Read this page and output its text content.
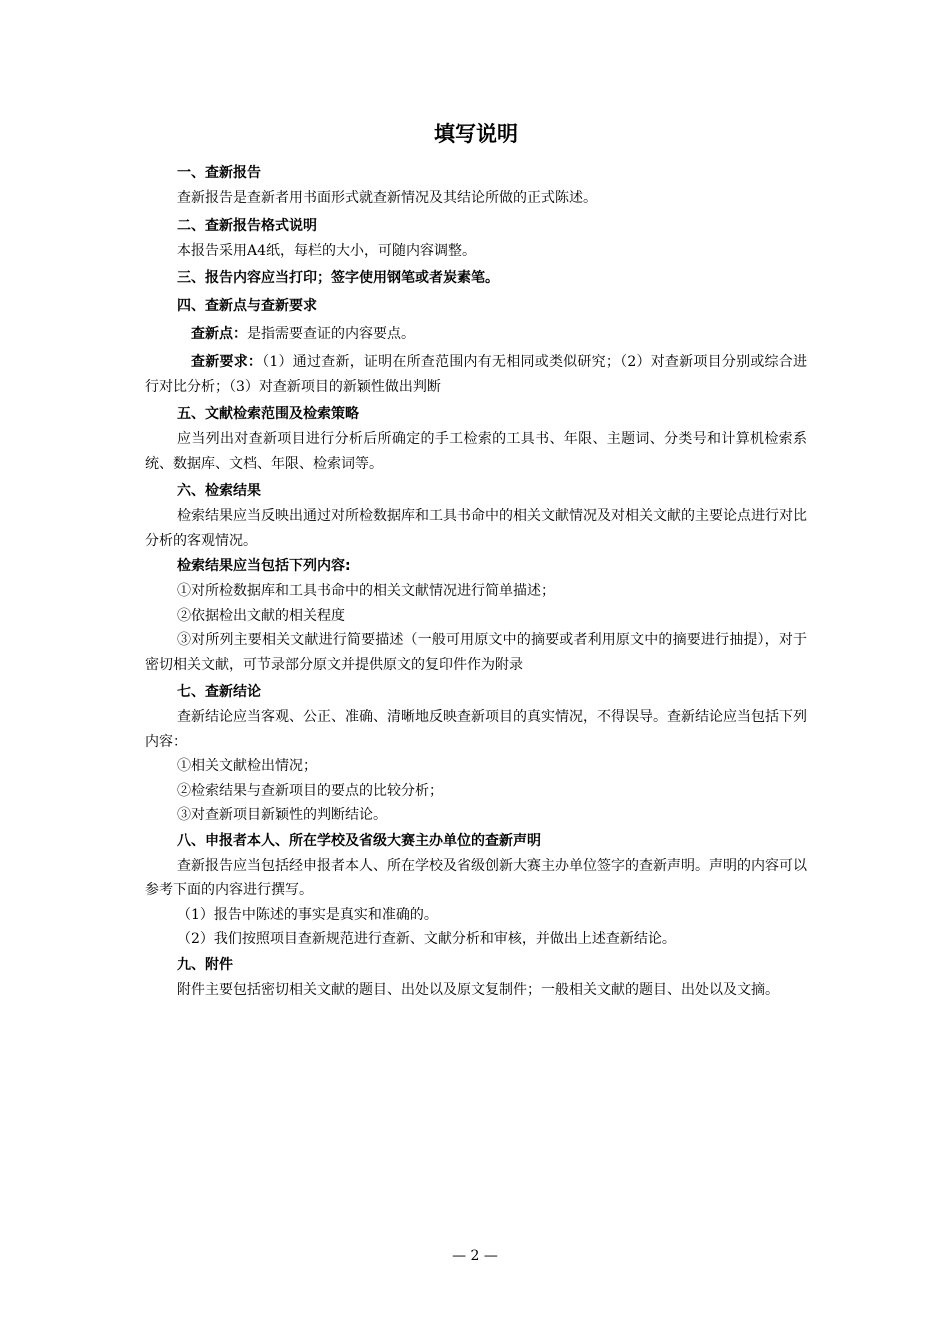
填写说明
一、查新报告
查新报告是查新者用书面形式就查新情况及其结论所做的正式陈述。
二、查新报告格式说明
本报告采用A4纸，每栏的大小，可随内容调整。
三、报告内容应当打印；签字使用钢笔或者炭素笔。
四、查新点与查新要求
查新点：是指需要查证的内容要点。
查新要求：（1）通过查新，证明在所查范围内有无相同或类似研究；（2）对查新项目分别或综合进行对比分析；（3）对查新项目的新颖性做出判断
五、文献检索范围及检索策略
应当列出对查新项目进行分析后所确定的手工检索的工具书、年限、主题词、分类号和计算机检索系统、数据库、文档、年限、检索词等。
六、检索结果
检索结果应当反映出通过对所检数据库和工具书命中的相关文献情况及对相关文献的主要论点进行对比分析的客观情况。
检索结果应当包括下列内容:
①对所检数据库和工具书命中的相关文献情况进行简单描述；
②依据检出文献的相关程度
③对所列主要相关文献进行简要描述（一般可用原文中的摘要或者利用原文中的摘要进行抽提），对于密切相关文献，可节录部分原文并提供原文的复印件作为附录
七、查新结论
查新结论应当客观、公正、准确、清晰地反映查新项目的真实情况，不得误导。查新结论应当包括下列内容：
①相关文献检出情况；
②检索结果与查新项目的要点的比较分析；
③对查新项目新颖性的判断结论。
八、申报者本人、所在学校及省级大赛主办单位的查新声明
查新报告应当包括经申报者本人、所在学校及省级创新大赛主办单位签字的查新声明。声明的内容可以参考下面的内容进行撰写。
（1）报告中陈述的事实是真实和准确的。
（2）我们按照项目查新规范进行查新、文献分析和审核，并做出上述查新结论。
九、附件
附件主要包括密切相关文献的题目、出处以及原文复制件；一般相关文献的题目、出处以及文摘。
— 2 —
